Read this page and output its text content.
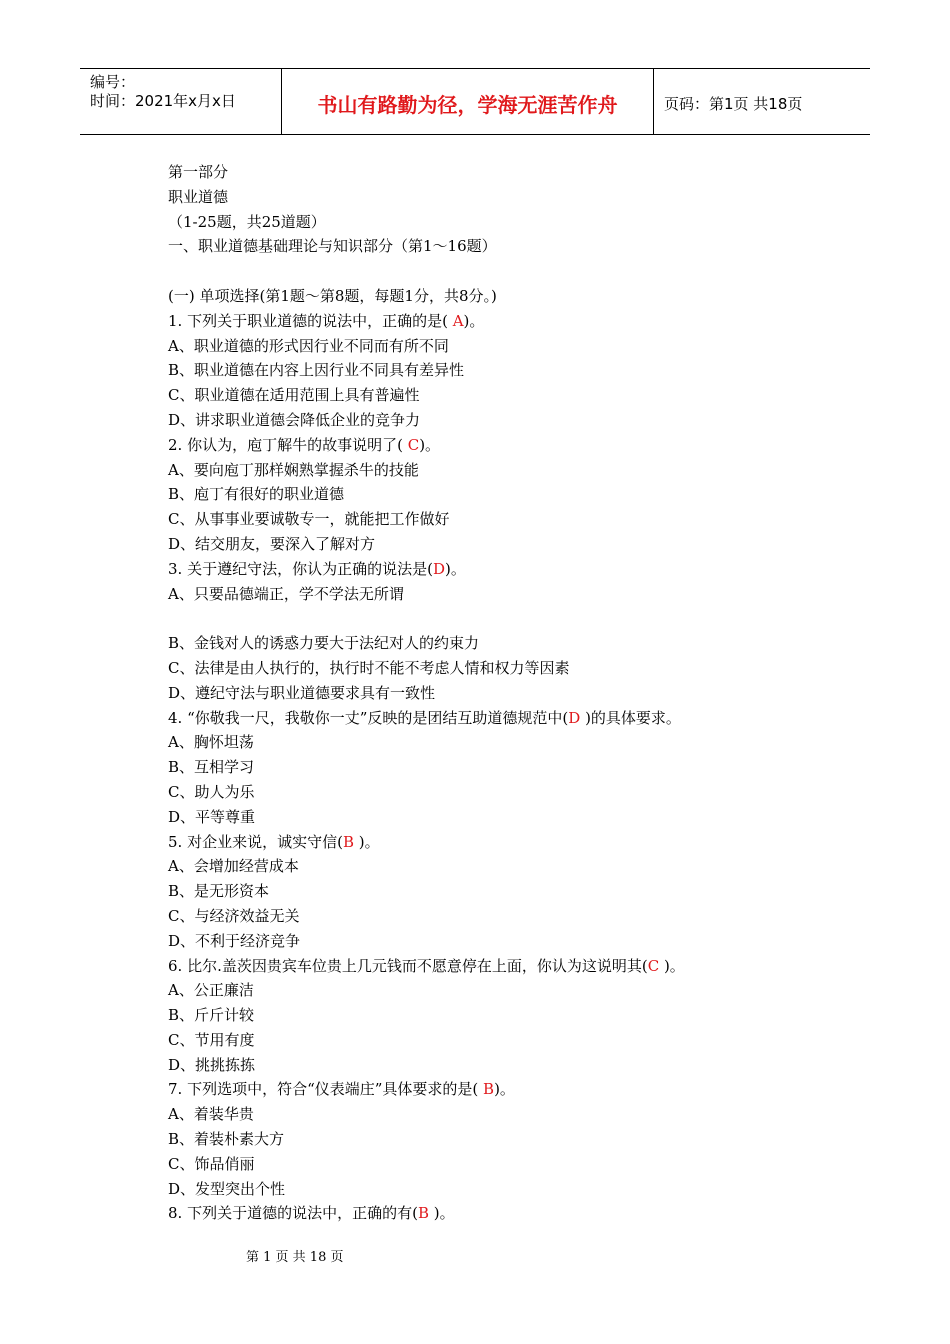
编号：
时间：2021年x月x日	书山有路勤为径，学海无涯苦作舟	页码：第1页 共18页
第一部分
职业道德
（1-25题，共25道题）
一、职业道德基础理论与知识部分（第1～16题）
(一) 单项选择(第1题～第8题，每题1分，共8分。)
1. 下列关于职业道德的说法中，正确的是( A)。
A、职业道德的形式因行业不同而有所不同
B、职业道德在内容上因行业不同具有差异性
C、职业道德在适用范围上具有普遍性
D、讲求职业道德会降低企业的竞争力
2. 你认为，庖丁解牛的故事说明了( C)。
A、要向庖丁那样娴熟掌握杀牛的技能
B、庖丁有很好的职业道德
C、从事事业要诚敬专一，就能把工作做好
D、结交朋友，要深入了解对方
3. 关于遵纪守法，你认为正确的说法是(D)。
A、只要品德端正，学不学法无所谓
B、金钱对人的诱惑力要大于法纪对人的约束力
C、法律是由人执行的，执行时不能不考虑人情和权力等因素
D、遵纪守法与职业道德要求具有一致性
4. “你敬我一尺，我敬你一丈”反映的是团结互助道德规范中(D )的具体要求。
A、胸怀坦荡
B、互相学习
C、助人为乐
D、平等尊重
5. 对企业来说，诚实守信(B )。
A、会增加经营成本
B、是无形资本
C、与经济效益无关
D、不利于经济竞争
6. 比尔.盖茨因贵宾车位贵上几元钱而不愿意停在上面，你认为这说明其(C )。
A、公正廉洁
B、斤斤计较
C、节用有度
D、挑挑拣拣
7. 下列选项中，符合“仪表端庄”具体要求的是( B)。
A、着装华贵
B、着装朴素大方
C、饰品俏丽
D、发型突出个性
8. 下列关于道德的说法中，正确的有(B )。
第 1 页 共 18 页
